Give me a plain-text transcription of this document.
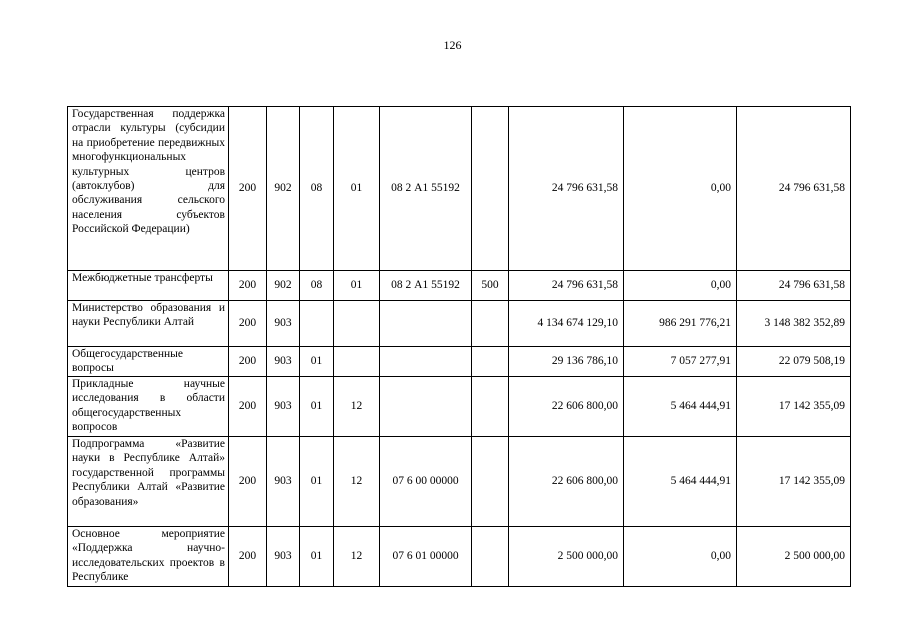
126
Государственная поддержка отрасли культуры (субсидии на приобретение передвижных многофункциональных культурных центров (автоклубов) для обслуживания сельского населения субъектов Российской Федерации)	200	902	08	01	08 2 А1 55192		24 796 631,58	0,00	24 796 631,58
Межбюджетные трансферты	200	902	08	01	08 2 А1 55192	500	24 796 631,58	0,00	24 796 631,58
Министерство образования и науки Республики Алтай	200	903					4 134 674 129,10	986 291 776,21	3 148 382 352,89
Общегосударственные вопросы	200	903	01				29 136 786,10	7 057 277,91	22 079 508,19
Прикладные научные исследования в области общегосударственных вопросов	200	903	01	12			22 606 800,00	5 464 444,91	17 142 355,09
Подпрограмма «Развитие науки в Республике Алтай» государственной программы Республики Алтай «Развитие образования»	200	903	01	12	07 6 00 00000		22 606 800,00	5 464 444,91	17 142 355,09
Основное мероприятие «Поддержка научно-исследовательских проектов в Республике	200	903	01	12	07 6 01 00000		2 500 000,00	0,00	2 500 000,00
